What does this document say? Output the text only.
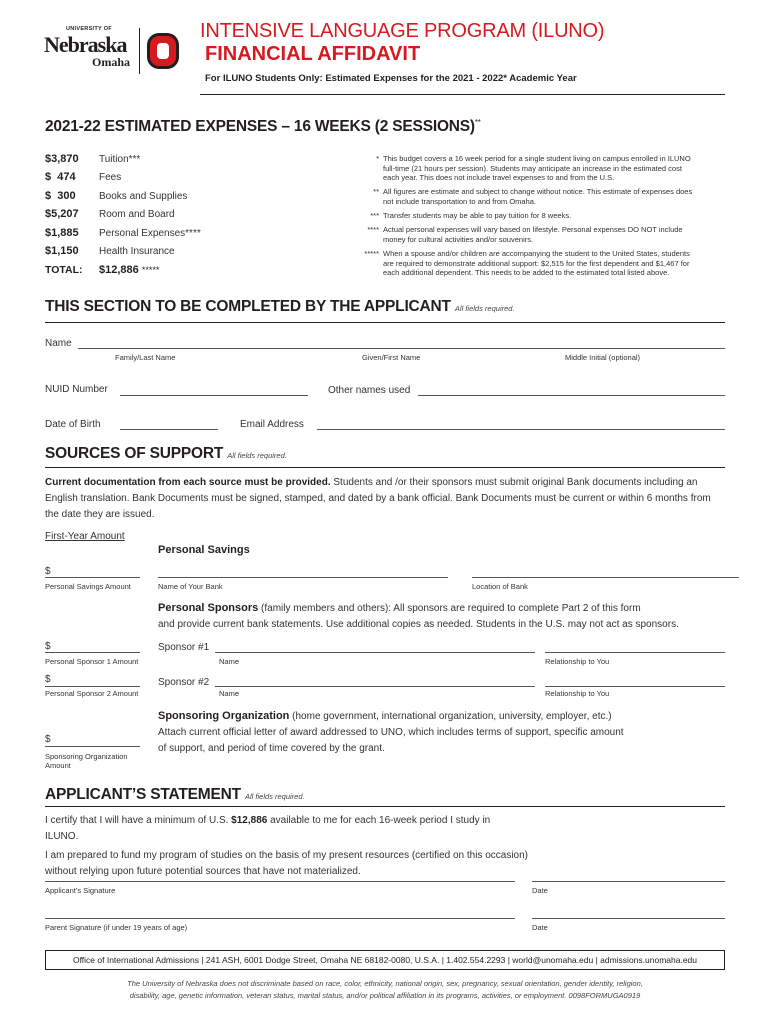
UNIVERSITY OF
Nebraska
Omaha
INTENSIVE LANGUAGE PROGRAM (ILUNO)
FINANCIAL AFFIDAVIT
For ILUNO Students Only: Estimated Expenses for the 2021 - 2022* Academic Year
2021-22 ESTIMATED EXPENSES – 16 WEEKS (2 SESSIONS)**
$3,870 Tuition***
$  474 Fees
$  300 Books and Supplies
$5,207 Room and Board
$1,885 Personal Expenses****
$1,150 Health Insurance
TOTAL: $12,886 *****
* This budget covers a 16 week period for a single student living on campus enrolled in ILUNO full-time (21 hours per session). Students may anticipate an increase in the estimated cost each year. This does not include travel expenses to and from the U.S.
** All figures are estimate and subject to change without notice. This estimate of expenses does not include transportation to and from Omaha.
*** Transfer students may be able to pay tuition for 8 weeks.
**** Actual personal expenses will vary based on lifestyle. Personal expenses DO NOT include money for cultural activities and/or souvenirs.
***** When a spouse and/or children are accompanying the student to the United States, students are required to demonstrate additional support: $2,515 for the first dependent and $1,467 for each additional dependent. This needs to be added to the estimated total listed above.
THIS SECTION TO BE COMPLETED BY THE APPLICANT All fields required.
Name
Family/Last Name	Given/First Name	Middle Initial (optional)
NUID Number	Other names used
Date of Birth	Email Address
SOURCES OF SUPPORT All fields required.
Current documentation from each source must be provided. Students and /or their sponsors must submit original Bank documents including an English translation. Bank Documents must be signed, stamped, and dated by a bank official. Bank Documents must be current or within 6 months from the date they are issued.
First-Year Amount
Personal Savings
$
Personal Savings Amount	Name of Your Bank	Location of Bank
Personal Sponsors (family members and others): All sponsors are required to complete Part 2 of this form
and provide current bank statements. Use additional copies as needed. Students in the U.S. may not act as sponsors.
$
Personal Sponsor 1 Amount
Sponsor #1
Name	Relationship to You
$
Personal Sponsor 2 Amount
Sponsor #2
Name	Relationship to You
Sponsoring Organization (home government, international organization, university, employer, etc.)
Attach current official letter of award addressed to UNO, which includes terms of support, specific amount
of support, and period of time covered by the grant.
$
Sponsoring Organization
Amount
APPLICANT’S STATEMENT All fields required.
I certify that I will have a minimum of U.S. $12,886 available to me for each 16-week period I study in
ILUNO.
I am prepared to fund my program of studies on the basis of my present resources (certified on this occasion)
without relying upon future potential sources that have not materialized.
Applicant’s Signature	Date
Parent Signature (if under 19 years of age)	Date
Office of International Admissions | 241 ASH, 6001 Dodge Street, Omaha NE 68182-0080, U.S.A. | 1.402.554.2293 | world@unomaha.edu | admissions.unomaha.edu
The University of Nebraska does not discriminate based on race, color, ethnicity, national origin, sex, pregnancy, sexual orientation, gender identity, religion,
disability, age, genetic information, veteran status, marital status, and/or political affiliation in its programs, activities, or employment. 0098FORMUGA0919
